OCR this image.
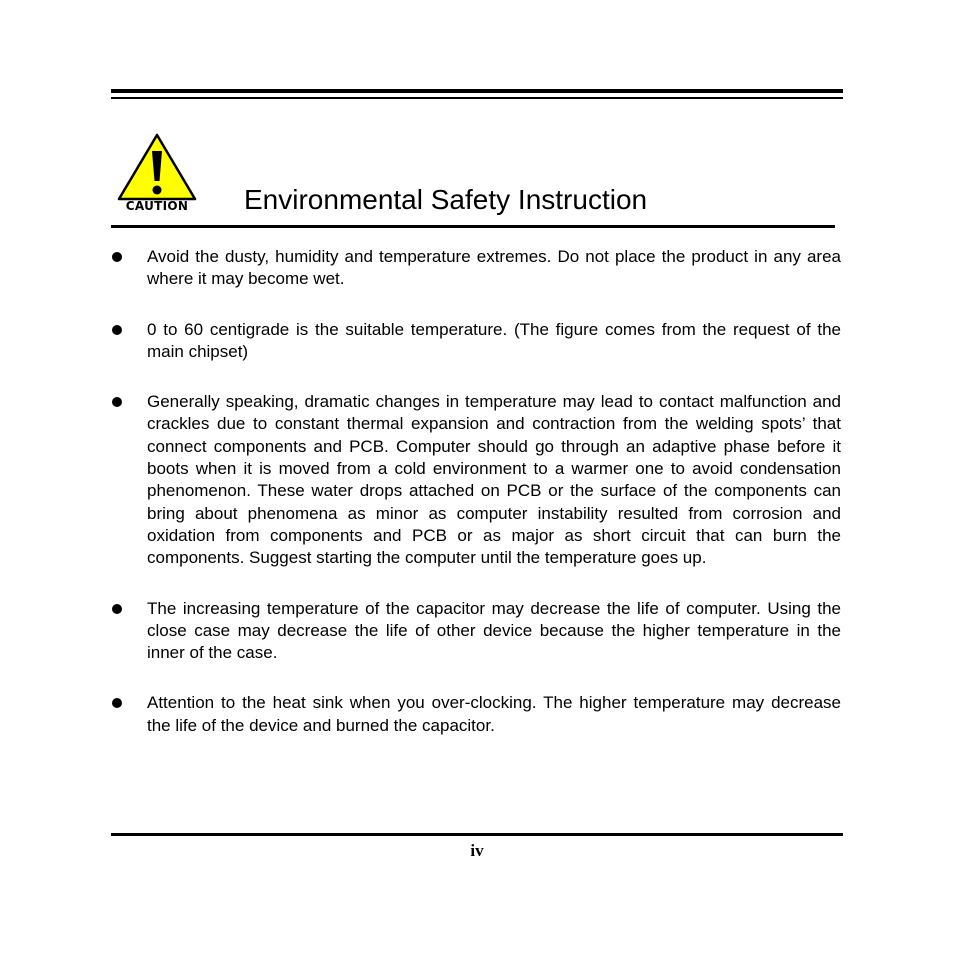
CAUTION	Environmental Safety Instruction
Avoid the dusty, humidity and temperature extremes. Do not place the product in any area where it may become wet.
0 to 60 centigrade is the suitable temperature. (The figure comes from the request of the main chipset)
Generally speaking, dramatic changes in temperature may lead to contact malfunction and crackles due to constant thermal expansion and contraction from the welding spots’ that connect components and PCB. Computer should go through an adaptive phase before it boots when it is moved from a cold environment to a warmer one to avoid condensation phenomenon. These water drops attached on PCB or the surface of the components can bring about phenomena as minor as computer instability resulted from corrosion and oxidation from components and PCB or as major as short circuit that can burn the components. Suggest starting the computer until the temperature goes up.
The increasing temperature of the capacitor may decrease the life of computer. Using the close case may decrease the life of other device because the higher temperature in the inner of the case.
Attention to the heat sink when you over-clocking. The higher temperature may decrease the life of the device and burned the capacitor.
iv
